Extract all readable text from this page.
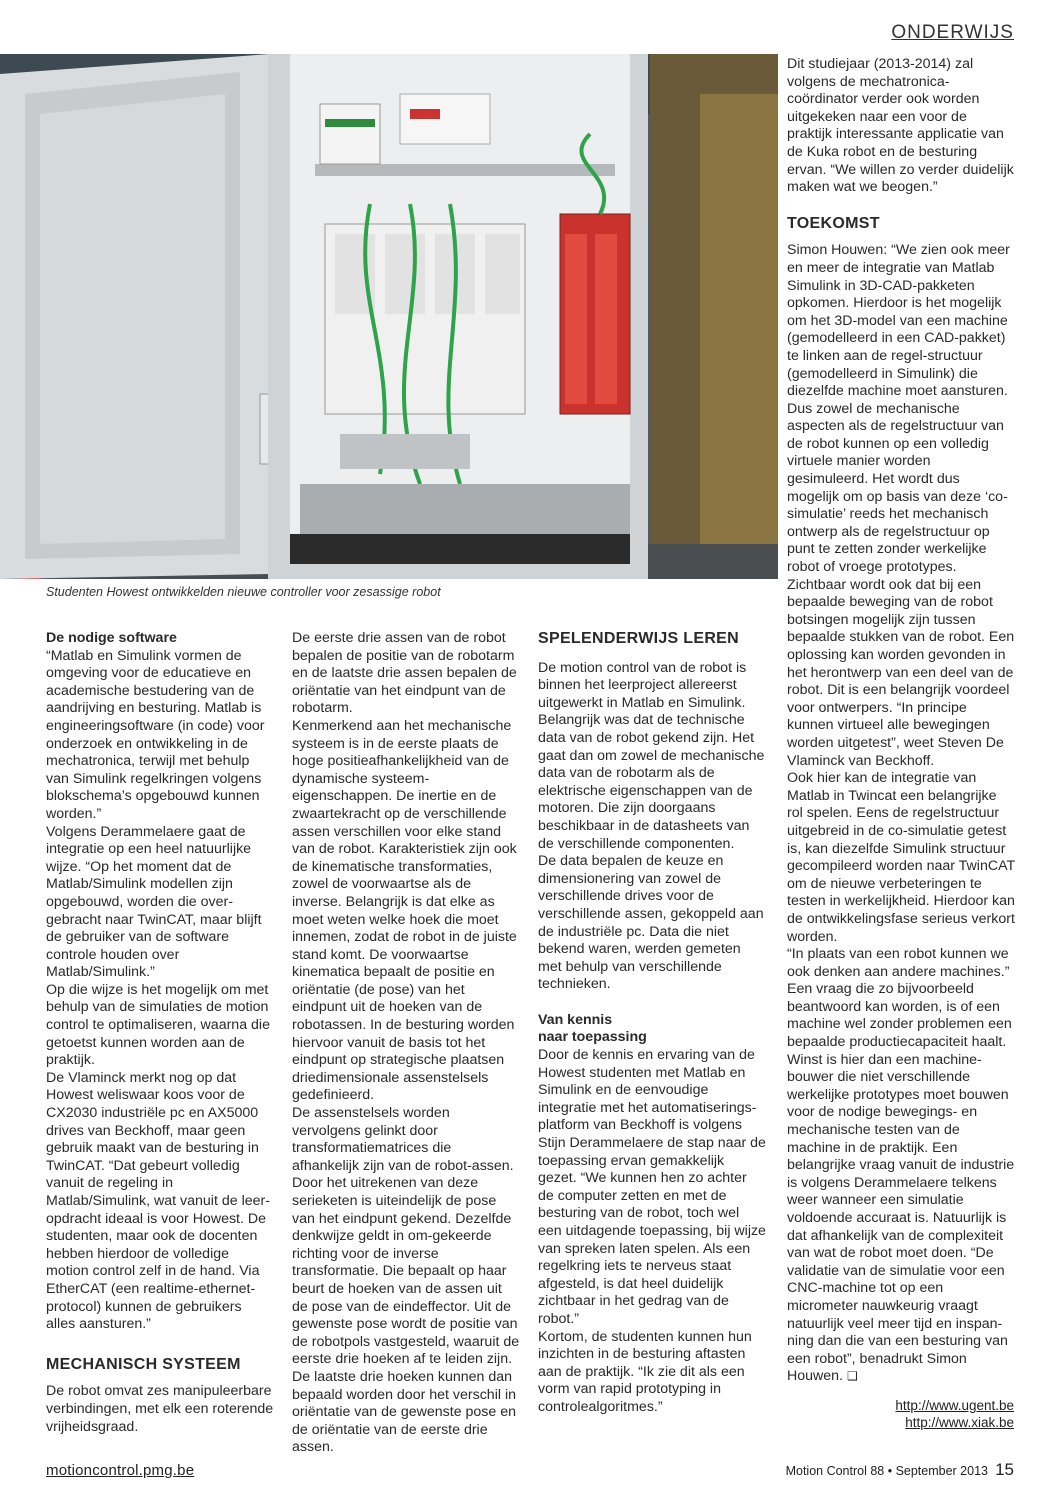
ONDERWIJS
Studenten Howest ontwikkelden nieuwe controller voor zesassige robot
De nodige software

“Matlab en Simulink vormen de omgeving voor de educatieve en academische bestudering van de aandrijving en besturing. Matlab is engineeringsoftware (in code) voor onderzoek en ontwikkeling in de mechatronica, terwijl met behulp van Simulink regelkringen volgens blokschema’s opgebouwd kunnen worden.”

Volgens Derammelaere gaat de integratie op een heel natuurlijke wijze. “Op het moment dat de Matlab/Simulink modellen zijn opgebouwd, worden die over-gebracht naar TwinCAT, maar blijft de gebruiker van de software controle houden over Matlab/Simulink.”

Op die wijze is het mogelijk om met behulp van de simulaties de motion control te optimaliseren, waarna die getoetst kunnen worden aan de praktijk.

De Vlaminck merkt nog op dat Howest weliswaar koos voor de CX2030 industriële pc en AX5000 drives van Beckhoff, maar geen gebruik maakt van de besturing in TwinCAT. “Dat gebeurt volledig vanuit de regeling in Matlab/Simulink, wat vanuit de leer-opdracht ideaal is voor Howest. De studenten, maar ook de docenten hebben hierdoor de volledige motion control zelf in de hand. Via EtherCAT (een realtime-ethernet-protocol) kunnen de gebruikers alles aansturen.”

MECHANISCH SYSTEEM

De robot omvat zes manipuleerbare verbindingen, met elk een roterende vrijheidsgraad.

De eerste drie assen van de robot bepalen de positie van de robotarm en de laatste drie assen bepalen de oriëntatie van het eindpunt van de robotarm.

Kenmerkend aan het mechanische systeem is in de eerste plaats de hoge positieafhankelijkheid van de dynamische systeem-eigenschappen. De inertie en de zwaartekracht op de verschillende assen verschillen voor elke stand van de robot. Karakteristiek zijn ook de kinematische transformaties, zowel de voorwaartse als de inverse. Belangrijk is dat elke as moet weten welke hoek die moet innemen, zodat de robot in de juiste stand komt. De voorwaartse kinematica bepaalt de positie en oriëntatie (de pose) van het eindpunt uit de hoeken van de robotassen. In de besturing worden hiervoor vanuit de basis tot het eindpunt op strategische plaatsen driedimensionale assenstelsels gedefinieerd.

De assenstelsels worden vervolgens gelinkt door transformatiematrices die afhankelijk zijn van de robot-assen. Door het uitrekenen van deze serieketen is uiteindelijk de pose van het eindpunt gekend. Dezelfde denkwijze geldt in om-gekeerde richting voor de inverse transformatie. Die bepaalt op haar beurt de hoeken van de assen uit de pose van de eindeffector. Uit de gewenste pose wordt de positie van de robotpols vastgesteld, waaruit de eerste drie hoeken af te leiden zijn. De laatste drie hoeken kunnen dan bepaald worden door het verschil in oriëntatie van de gewenste pose en de oriëntatie van de eerste drie assen.

SPELENDERWIJS LEREN

De motion control van de robot is binnen het leerproject allereerst uitgewerkt in Matlab en Simulink. Belangrijk was dat de technische data van de robot gekend zijn. Het gaat dan om zowel de mechanische data van de robotarm als de elektrische eigenschappen van de motoren. Die zijn doorgaans beschikbaar in de datasheets van de verschillende componenten.

De data bepalen de keuze en dimensionering van zowel de verschillende drives voor de verschillende assen, gekoppeld aan de industriële pc. Data die niet bekend waren, werden gemeten met behulp van verschillende technieken.

Van kennis
naar toepassing

Door de kennis en ervaring van de Howest studenten met Matlab en Simulink en de eenvoudige integratie met het automatiserings-platform van Beckhoff is volgens Stijn Derammelaere de stap naar de toepassing ervan gemakkelijk gezet. “We kunnen hen zo achter de computer zetten en met de besturing van de robot, toch wel een uitdagende toepassing, bij wijze van spreken laten spelen. Als een regelkring iets te nerveus staat afgesteld, is dat heel duidelijk zichtbaar in het gedrag van de robot.”

Kortom, de studenten kunnen hun inzichten in de besturing aftasten aan de praktijk. “Ik zie dit als een vorm van rapid prototyping in controlealgoritmes.”

Dit studiejaar (2013-2014) zal volgens de mechatronica-coördinator verder ook worden uitgekeken naar een voor de praktijk interessante applicatie van de Kuka robot en de besturing ervan. “We willen zo verder duidelijk maken wat we beogen.”

TOEKOMST

Simon Houwen: “We zien ook meer en meer de integratie van Matlab Simulink in 3D-CAD-pakketen opkomen. Hierdoor is het mogelijk om het 3D-model van een machine (gemodelleerd in een CAD-pakket) te linken aan de regel-structuur (gemodelleerd in Simulink) die diezelfde machine moet aansturen. Dus zowel de mechanische aspecten als de regelstructuur van de robot kunnen op een volledig virtuele manier worden gesimuleerd. Het wordt dus mogelijk om op basis van deze ‘co-simulatie’ reeds het mechanisch ontwerp als de regelstructuur op punt te zetten zonder werkelijke robot of vroege prototypes. Zichtbaar wordt ook dat bij een bepaalde beweging van de robot botsingen mogelijk zijn tussen bepaalde stukken van de robot. Een oplossing kan worden gevonden in het herontwerp van een deel van de robot. Dit is een belangrijk voordeel voor ontwerpers. “In principe kunnen virtueel alle bewegingen worden uitgetest”, weet Steven De Vlaminck van Beckhoff.

Ook hier kan de integratie van Matlab in Twincat een belangrijke rol spelen. Eens de regelstructuur uitgebreid in de co-simulatie getest is, kan diezelfde Simulink structuur gecompileerd worden naar TwinCAT om de nieuwe verbeteringen te testen in werkelijkheid. Hierdoor kan de ontwikkelingsfase serieus verkort worden.

“In plaats van een robot kunnen we ook denken aan andere machines.” Een vraag die zo bijvoorbeeld beantwoord kan worden, is of een machine wel zonder problemen een bepaalde productiecapaciteit haalt. Winst is hier dan een machine-bouwer die niet verschillende werkelijke prototypes moet bouwen voor de nodige bewegings- en mechanische testen van de machine in de praktijk. Een belangrijke vraag vanuit de industrie is volgens Derammelaere telkens weer wanneer een simulatie voldoende accuraat is. Natuurlijk is dat afhankelijk van de complexiteit van wat de robot moet doen. “De validatie van de simulatie voor een CNC-machine tot op een micrometer nauwkeurig vraagt natuurlijk veel meer tijd en inspan-ning dan die van een besturing van een robot”, benadrukt Simon Houwen. ❑

http://www.ugent.be
http://www.xiak.be
motioncontrol.pmg.be	Motion Control 88 • September 2013 15
